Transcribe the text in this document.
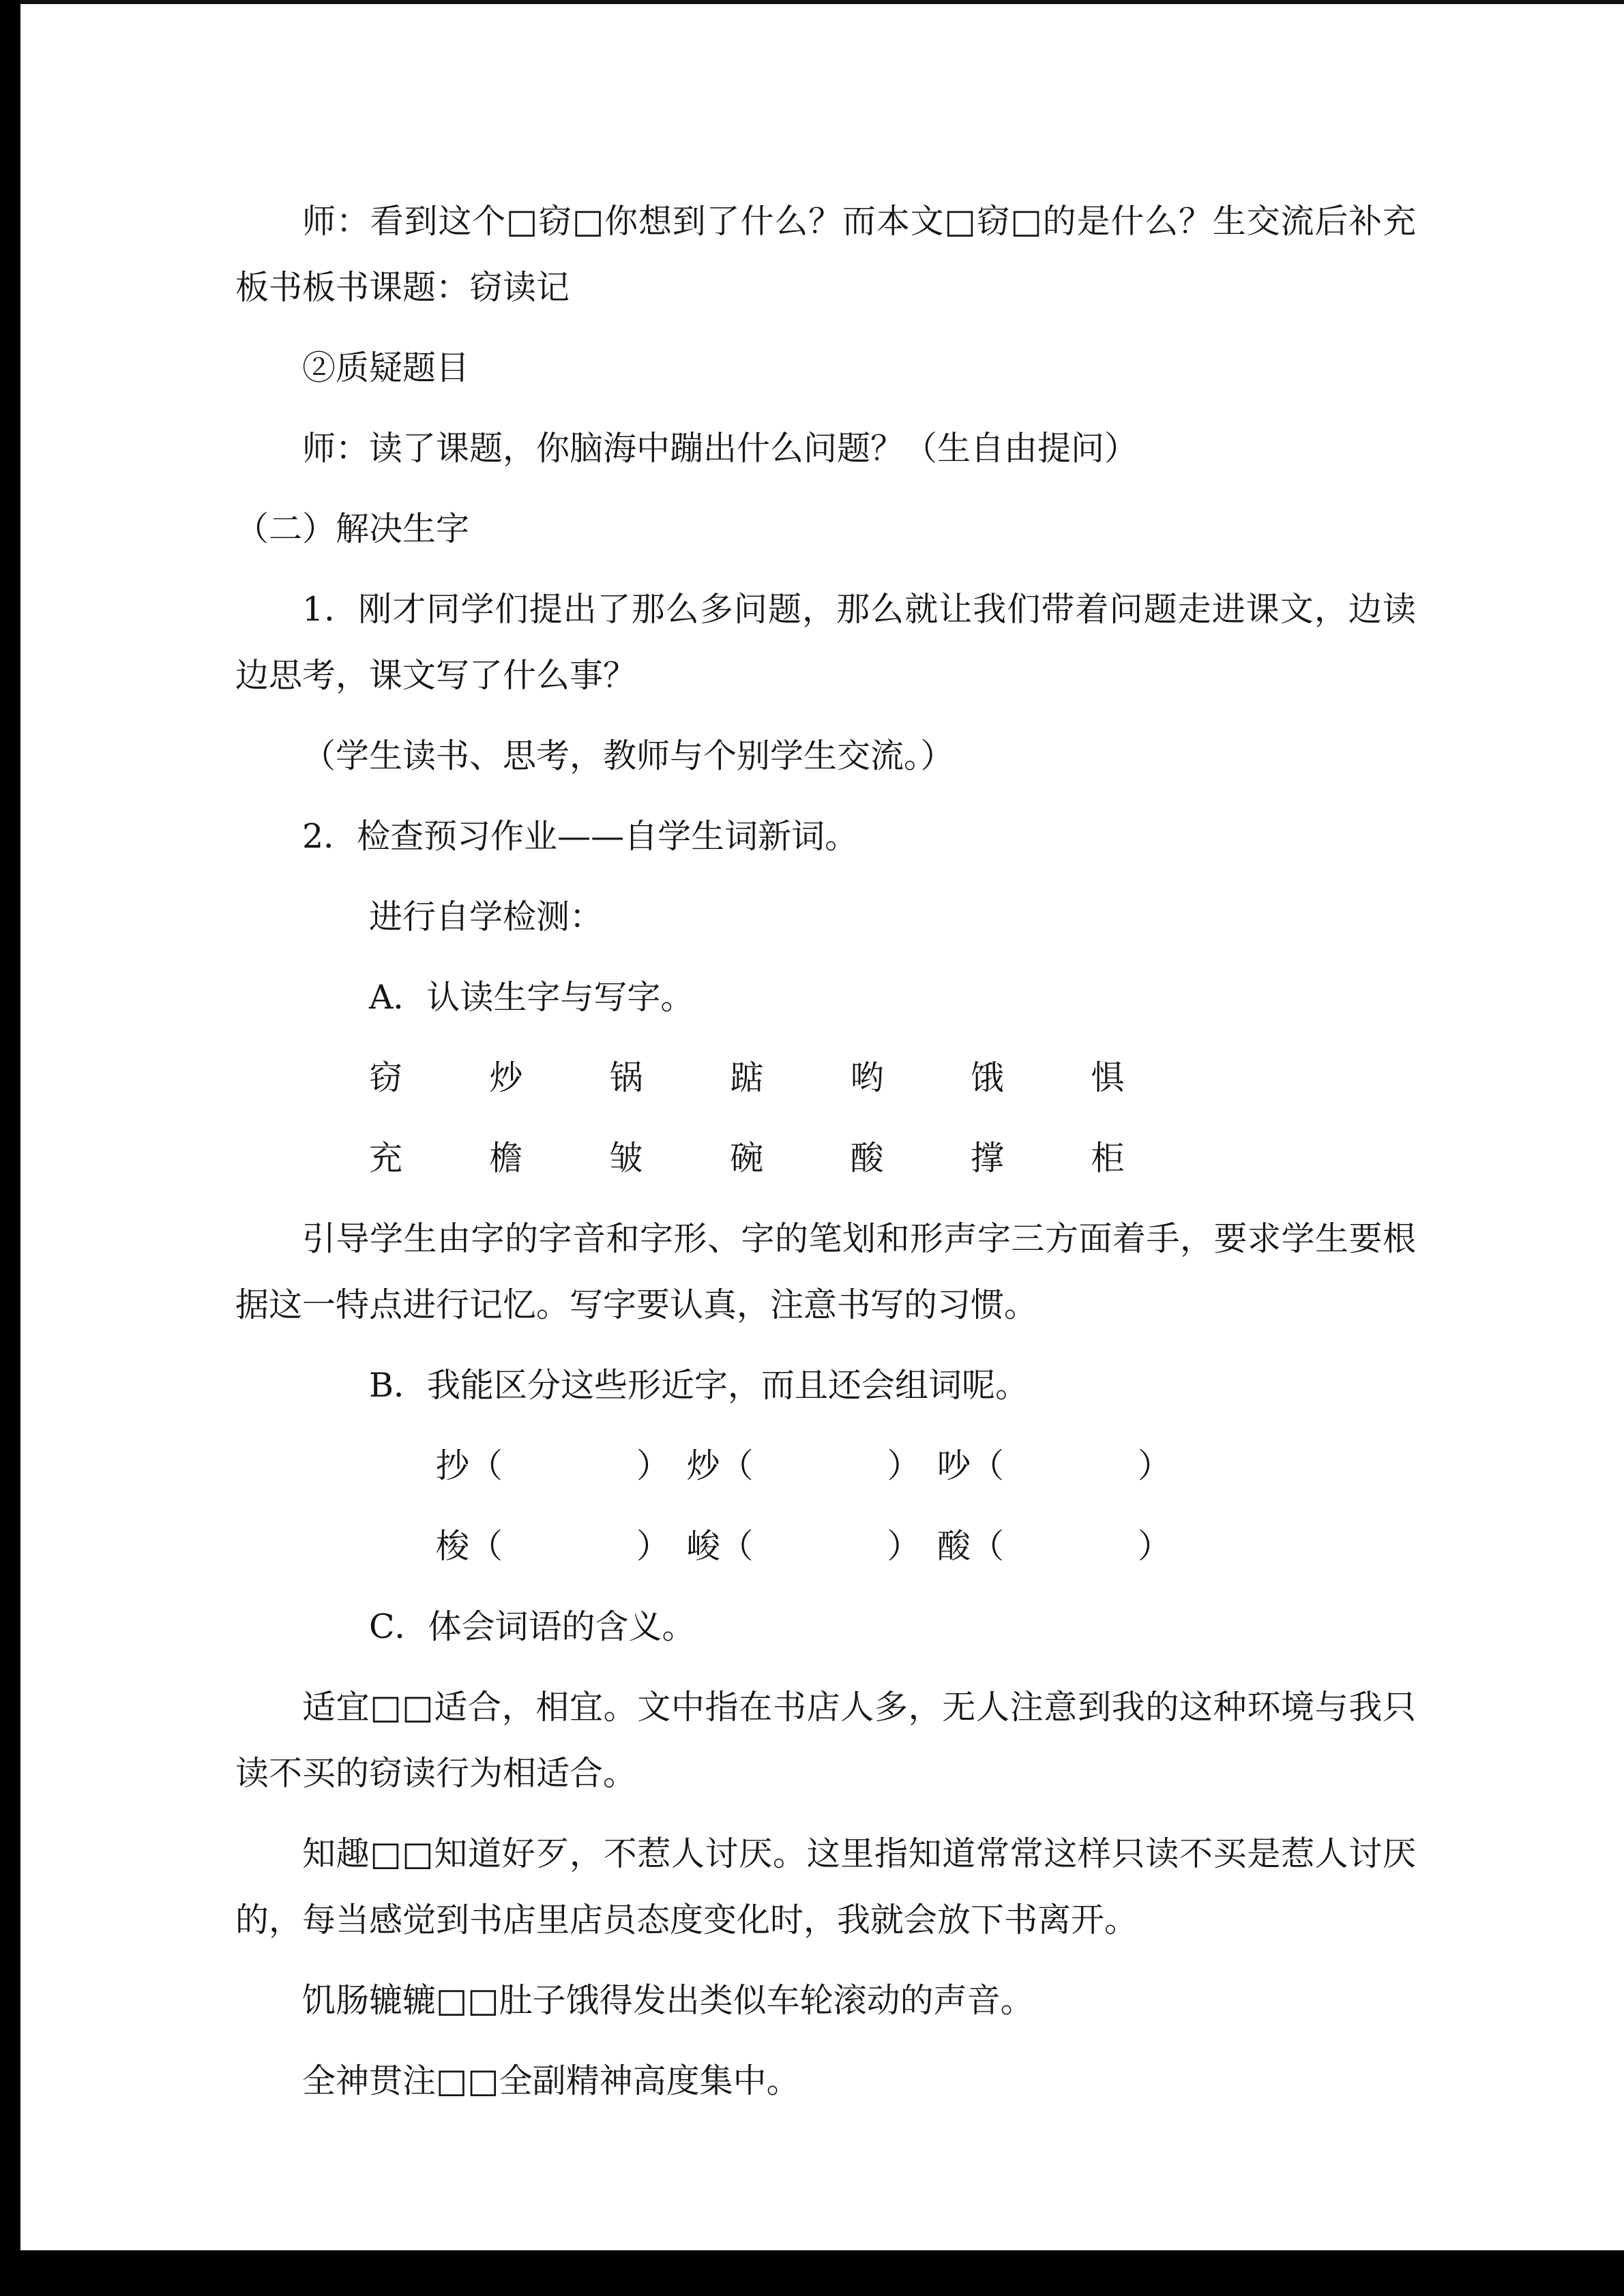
师：看到这个□窃□你想到了什么？而本文□窃□的是什么？生交流后补充板书板书课题：窃读记

②质疑题目

师：读了课题，你脑海中蹦出什么问题？（生自由提问）

（二）解决生字

1．刚才同学们提出了那么多问题，那么就让我们带着问题走进课文，边读边思考，课文写了什么事？

（学生读书、思考，教师与个别学生交流。）

2．检查预习作业——自学生词新词。

进行自学检测：

A．认读生字与写字。

窃　　炒　　锅　　踮　　哟　　饿　　惧

充　　檐　　皱　　碗　　酸　　撑　　柜

引导学生由字的字音和字形、字的笔划和形声字三方面着手，要求学生要根据这一特点进行记忆。写字要认真，注意书写的习惯。

B．我能区分这些形近字，而且还会组词呢。

抄（　　　　）　炒（　　　　）　吵（　　　　）

梭（　　　　）　峻（　　　　）　酸（　　　　）

C．体会词语的含义。

适宜□□适合，相宜。文中指在书店人多，无人注意到我的这种环境与我只读不买的窃读行为相适合。

知趣□□知道好歹，不惹人讨厌。这里指知道常常这样只读不买是惹人讨厌的，每当感觉到书店里店员态度变化时，我就会放下书离开。

饥肠辘辘□□肚子饿得发出类似车轮滚动的声音。

全神贯注□□全副精神高度集中。
